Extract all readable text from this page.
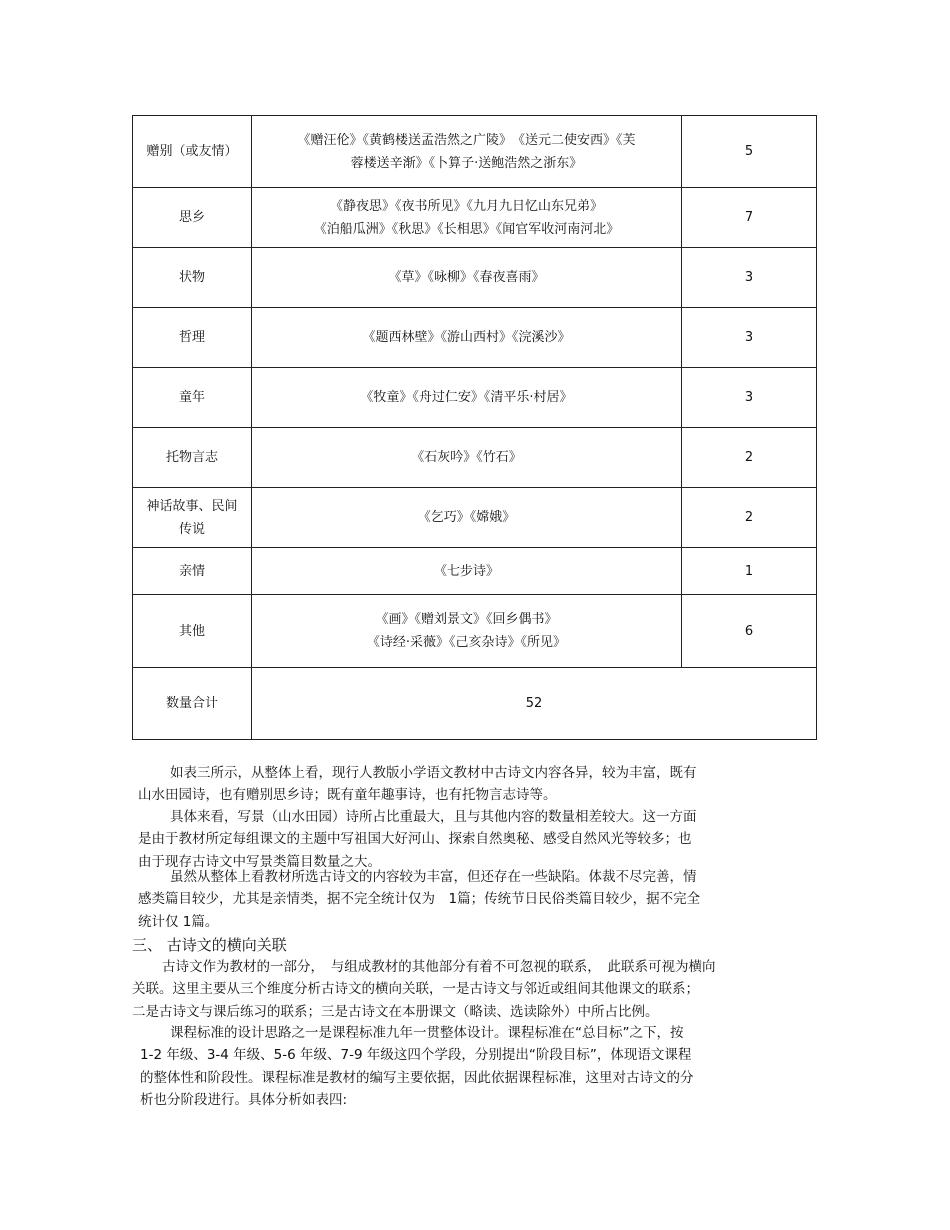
赠别（或友情）	《赠汪伦》《黄鹤楼送孟浩然之广陵》　《送元二使安西》《芙
蓉楼送辛渐》《卜算子·送鲍浩然之浙东》	5
思乡	《静夜思》《夜书所见》《九月九日忆山东兄弟》
《泊船瓜洲》《秋思》《长相思》《闻官军收河南河北》	7
状物	《草》《咏柳》《春夜喜雨》	3
哲理	《题西林壁》《游山西村》《浣溪沙》	3
童年	《牧童》《舟过仁安》《清平乐·村居》	3
托物言志	《石灰吟》《竹石》	2
神话故事、民间传说	《乞巧》《嫦娥》	2
亲情	《七步诗》	1
其他	《画》《赠刘景文》《回乡偶书》
《诗经·采薇》《己亥杂诗》《所见》	6
数量合计	52	

如表三所示，从整体上看，现行人教版小学语文教材中古诗文内容各异，较为丰富，既有

山水田园诗，也有赠别思乡诗；既有童年趣事诗，也有托物言志诗等。

具体来看，写景（山水田园）诗所占比重最大，且与其他内容的数量相差较大。这一方面

是由于教材所定每组课文的主题中写祖国大好河山、探索自然奥秘、感受自然风光等较多；也

由于现存古诗文中写景类篇目数量之大。

虽然从整体上看教材所选古诗文的内容较为丰富，但还存在一些缺陷。体裁不尽完善，情

感类篇目较少，尤其是亲情类，据不完全统计仅为　1篇；传统节日民俗类篇目较少，据不完全

统计仅 1篇。

三、 古诗文的横向关联

古诗文作为教材的一部分，　与组成教材的其他部分有着不可忽视的联系，　此联系可视为横向

关联。这里主要从三个维度分析古诗文的横向关联，一是古诗文与邻近或组间其他课文的联系；

二是古诗文与课后练习的联系；三是古诗文在本册课文（略读、选读除外）中所占比例。

课程标准的设计思路之一是课程标准九年一贯整体设计。课程标准在“总目标”之下，按

1-2 年级、3-4 年级、5-6 年级、7-9 年级这四个学段，分别提出“阶段目标”，体现语文课程

的整体性和阶段性。课程标准是教材的编写主要依据，因此依据课程标准，这里对古诗文的分

析也分阶段进行。具体分析如表四:
